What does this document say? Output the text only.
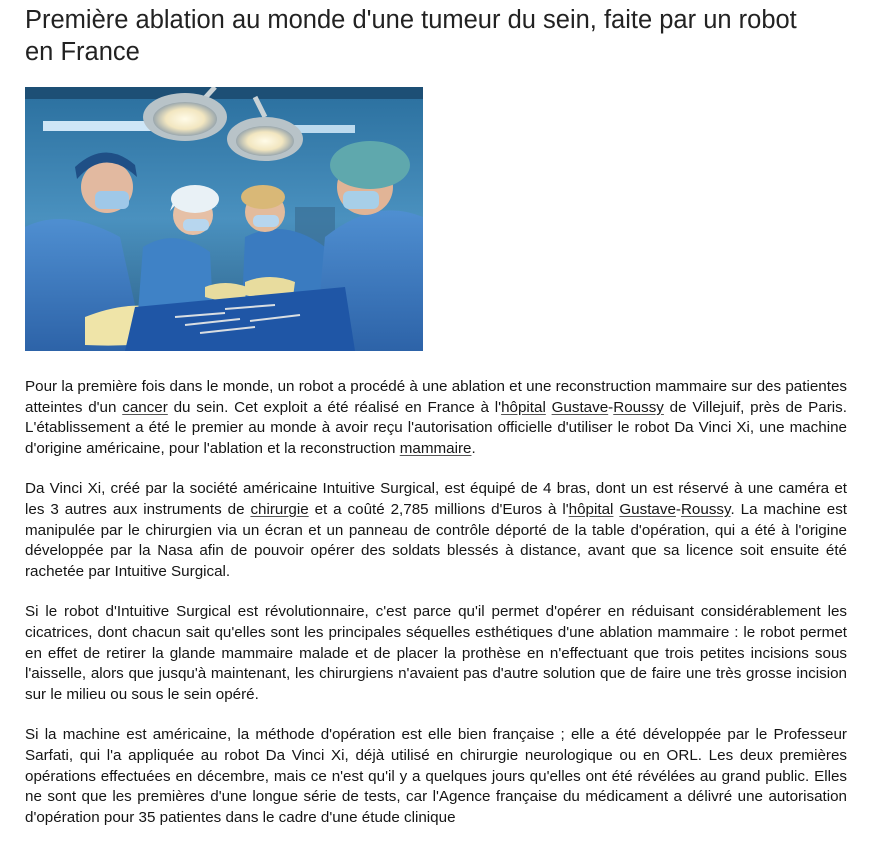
Première ablation au monde d'une tumeur du sein, faite par un robot en France

Pour la première fois dans le monde, un robot a procédé à une ablation et une reconstruction mammaire sur des patientes atteintes d'un cancer du sein. Cet exploit a été réalisé en France à l'hôpital Gustave-Roussy de Villejuif, près de Paris. L'établissement a été le premier au monde à avoir reçu l'autorisation officielle d'utiliser le robot Da Vinci Xi, une machine d'origine américaine, pour l'ablation et la reconstruction mammaire.

Da Vinci Xi, créé par la société américaine Intuitive Surgical, est équipé de 4 bras, dont un est réservé à une caméra et les 3 autres aux instruments de chirurgie et a coûté 2,785 millions d'Euros à l'hôpital Gustave-Roussy. La machine est manipulée par le chirurgien via un écran et un panneau de contrôle déporté de la table d'opération, qui a été à l'origine développée par la Nasa afin de pouvoir opérer des soldats blessés à distance, avant que sa licence soit ensuite été rachetée par Intuitive Surgical.

Si le robot d'Intuitive Surgical est révolutionnaire, c'est parce qu'il permet d'opérer en réduisant considérablement les cicatrices, dont chacun sait qu'elles sont les principales séquelles esthétiques d'une ablation mammaire : le robot permet en effet de retirer la glande mammaire malade et de placer la prothèse en n'effectuant que trois petites incisions sous l'aisselle, alors que jusqu'à maintenant, les chirurgiens n'avaient pas d'autre solution que de faire une très grosse incision sur le milieu ou sous le sein opéré.

Si la machine est américaine, la méthode d'opération est elle bien française ; elle a été développée par le Professeur Sarfati, qui l'a appliquée au robot Da Vinci Xi, déjà utilisé en chirurgie neurologique ou en ORL. Les deux premières opérations effectuées en décembre, mais ce n'est qu'il y a quelques jours qu'elles ont été révélées au grand public. Elles ne sont que les premières d'une longue série de tests, car l'Agence française du médicament a délivré une autorisation d'opération pour 35 patientes dans le cadre d'une étude clinique
